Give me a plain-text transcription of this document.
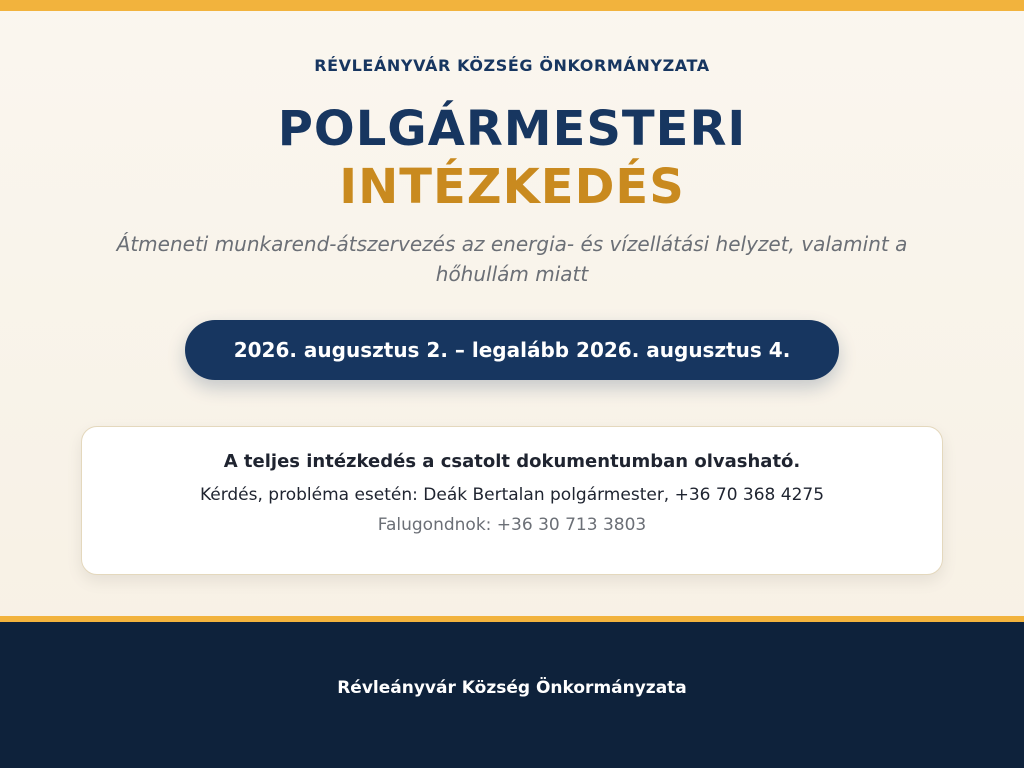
RÉVLEÁNYVÁR KÖZSÉG ÖNKORMÁNYZATA
POLGÁRMESTERI
INTÉZKEDÉS
Átmeneti munkarend-átszervezés az energia- és vízellátási helyzet, valamint a hőhullám miatt
2026. augusztus 2. – legalább 2026. augusztus 4.
A teljes intézkedés a csatolt dokumentumban olvasható.
Kérdés, probléma esetén: Deák Bertalan polgármester, +36 70 368 4275
Falugondnok: +36 30 713 3803
Révleányvár Község Önkormányzata
